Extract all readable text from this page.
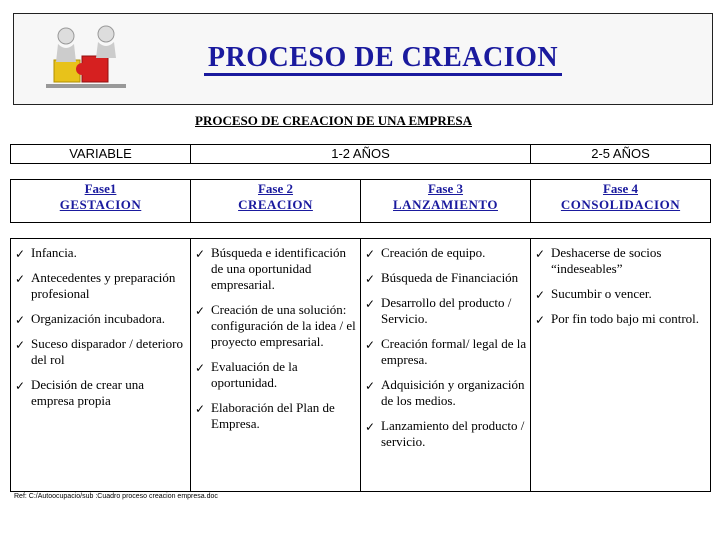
PROCESO DE CREACION
PROCESO DE CREACION DE UNA EMPRESA
VARIABLE	1-2 AÑOS	2-5 AÑOS
Fase1
GESTACION

Fase 2
CREACION

Fase 3
LANZAMIENTO

Fase 4
CONSOLIDACION
✓ Infancia.
✓ Antecedentes y preparación profesional
✓ Organización incubadora.
✓ Suceso disparador / deterioro del rol
✓ Decisión de crear una empresa propia

✓ Búsqueda e identificación de una oportunidad empresarial.
✓ Creación de una solución: configuración de la idea / el proyecto empresarial.
✓ Evaluación de la oportunidad.
✓ Elaboración del Plan de Empresa.

✓ Creación de equipo.
✓ Búsqueda de Financiación
✓ Desarrollo del producto / Servicio.
✓ Creación formal/ legal de la empresa.
✓ Adquisición y organización de los medios.
✓ Lanzamiento del producto / servicio.

✓ Deshacerse de socios “indeseables”
✓ Sucumbir o vencer.
✓ Por fin todo bajo mi control.
Ref: C:/Autoocupacio/sub :Cuadro proceso creacion empresa.doc
